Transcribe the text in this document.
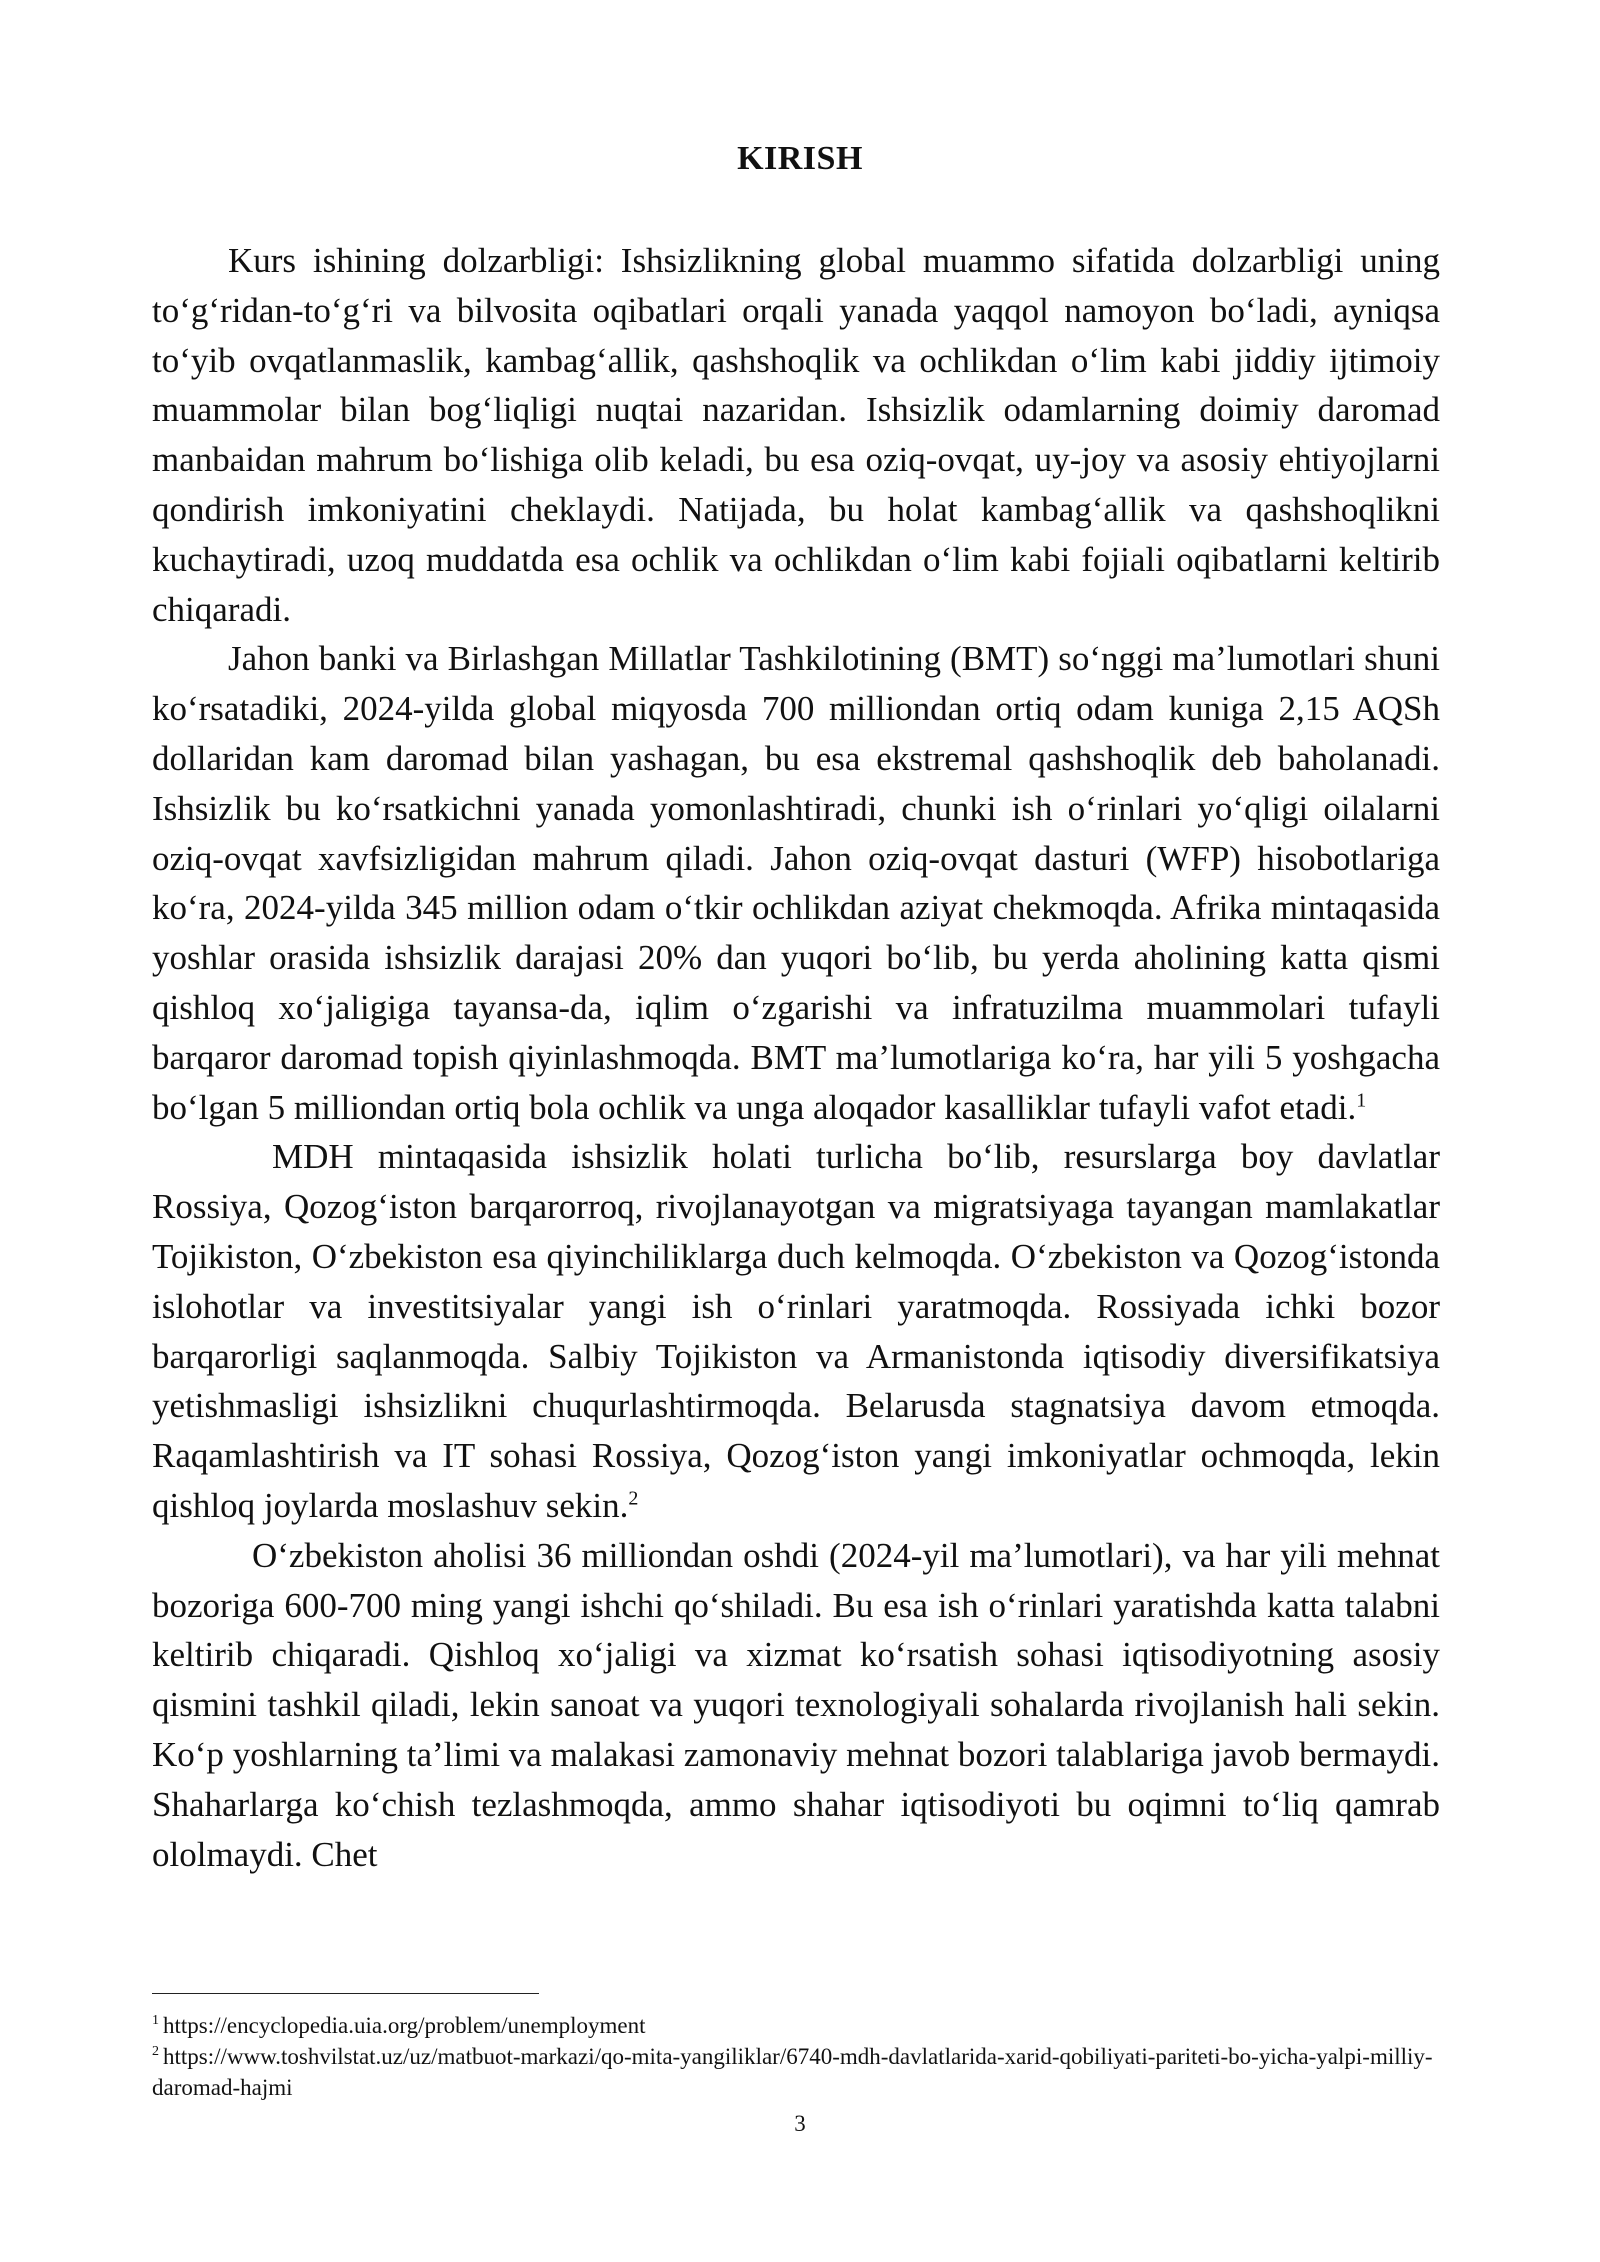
KIRISH

Kurs ishining dolzarbligi: Ishsizlikning global muammo sifatida dolzarbligi uning to‘g‘ridan-to‘g‘ri va bilvosita oqibatlari orqali yanada yaqqol namoyon bo‘ladi, ayniqsa to‘yib ovqatlanmaslik, kambag‘allik, qashshoqlik va ochlikdan o‘lim kabi jiddiy ijtimoiy muammolar bilan bog‘liqligi nuqtai nazaridan. Ishsizlik odamlarning doimiy daromad manbaidan mahrum bo‘lishiga olib keladi, bu esa oziq-ovqat, uy-joy va asosiy ehtiyojlarni qondirish imkoniyatini cheklaydi. Natijada, bu holat kambag‘allik va qashshoqlikni kuchaytiradi, uzoq muddatda esa ochlik va ochlikdan o‘lim kabi fojiali oqibatlarni keltirib chiqaradi.

Jahon banki va Birlashgan Millatlar Tashkilotining (BMT) so‘nggi ma’lumotlari shuni ko‘rsatadiki, 2024-yilda global miqyosda 700 milliondan ortiq odam kuniga 2,15 AQSh dollaridan kam daromad bilan yashagan, bu esa ekstremal qashshoqlik deb baholanadi. Ishsizlik bu ko‘rsatkichni yanada yomonlashtiradi, chunki ish o‘rinlari yo‘qligi oilalarni oziq-ovqat xavfsizligidan mahrum qiladi. Jahon oziq-ovqat dasturi (WFP) hisobotlariga ko‘ra, 2024-yilda 345 million odam o‘tkir ochlikdan aziyat chekmoqda. Afrika mintaqasida yoshlar orasida ishsizlik darajasi 20% dan yuqori bo‘lib, bu yerda aholining katta qismi qishloq xo‘jaligiga tayansa-da, iqlim o‘zgarishi va infratuzilma muammolari tufayli barqaror daromad topish qiyinlashmoqda. BMT ma’lumotlariga ko‘ra, har yili 5 yoshgacha bo‘lgan 5 milliondan ortiq bola ochlik va unga aloqador kasalliklar tufayli vafot etadi.$^1$

MDH mintaqasida ishsizlik holati turlicha bo‘lib, resurslarga boy davlatlar Rossiya, Qozog‘iston barqarorroq, rivojlanayotgan va migratsiyaga tayangan mamlakatlar Tojikiston, O‘zbekiston esa qiyinchiliklarga duch kelmoqda. O‘zbekiston va Qozog‘istonda islohotlar va investitsiyalar yangi ish o‘rinlari yaratmoqda. Rossiyada ichki bozor barqarorligi saqlanmoqda. Salbiy Tojikiston va Armanistonda iqtisodiy diversifikatsiya yetishmasligi ishsizlikni chuqurlashtirmoqda. Belarusda stagnatsiya davom etmoqda. Raqamlashtirish va IT sohasi Rossiya, Qozog‘iston yangi imkoniyatlar ochmoqda, lekin qishloq joylarda moslashuv sekin.$^2$

O‘zbekiston aholisi 36 milliondan oshdi (2024-yil ma’lumotlari), va har yili mehnat bozoriga 600-700 ming yangi ishchi qo‘shiladi. Bu esa ish o‘rinlari yaratishda katta talabni keltirib chiqaradi. Qishloq xo‘jaligi va xizmat ko‘rsatish sohasi iqtisodiyotning asosiy qismini tashkil qiladi, lekin sanoat va yuqori texnologiyali sohalarda rivojlanish hali sekin. Ko‘p yoshlarning ta’limi va malakasi zamonaviy mehnat bozori talablariga javob bermaydi. Shaharlarga ko‘chish tezlashmoqda, ammo shahar iqtisodiyoti bu oqimni to‘liq qamrab ololmaydi. Chet

$^1$ https://encyclopedia.uia.org/problem/unemployment

$^2$ https://www.toshvilstat.uz/uz/matbuot-markazi/qo-mita-yangiliklar/6740-mdh-davlatlarida-xarid-qobiliyati-pariteti-bo-yicha-yalpi-milliy-daromad-hajmi

3
